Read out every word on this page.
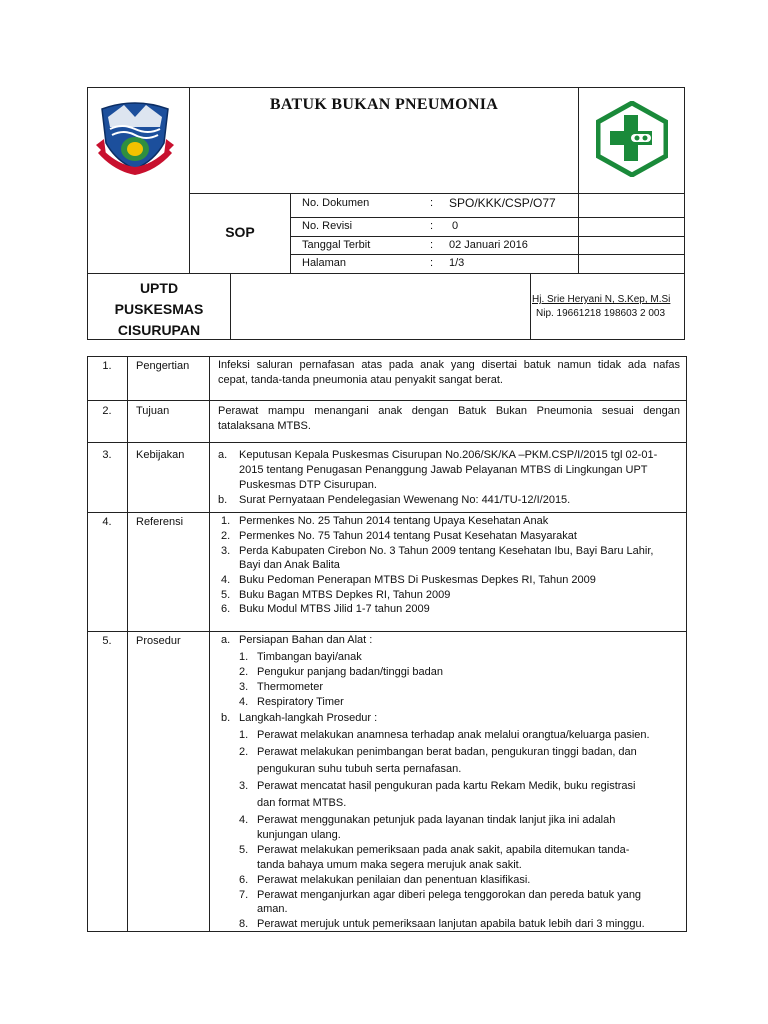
BATUK BUKAN PNEUMONIA
SOP
No. Dokumen	: SPO/KKK/CSP/O77
No. Revisi	: 0
Tanggal Terbit	: 02 Januari 2016
Halaman	: 1/3
UPTD
PUSKESMAS
CISURUPAN
Hj. Srie Heryani N, S.Kep, M.Si
Nip. 19661218 198603 2 003
1.	Pengertian	Infeksi saluran pernafasan atas pada anak yang disertai batuk namun tidak ada nafas
cepat, tanda-tanda pneumonia atau penyakit sangat berat.
2.	Tujuan	Perawat mampu menangani anak dengan Batuk Bukan Pneumonia sesuai dengan
tatalaksana MTBS.
3.	Kebijakan	a. Keputusan Kepala Puskesmas Cisurupan No.206/SK/KA –PKM.CSP/I/2015 tgl 02-01-
2015 tentang Penugasan Penanggung Jawab Pelayanan MTBS di Lingkungan UPT
Puskesmas DTP Cisurupan.
b. Surat Pernyataan Pendelegasian Wewenang No: 441/TU-12/I/2015.
4.	Referensi	1. Permenkes No. 25 Tahun 2014 tentang Upaya Kesehatan Anak
2. Permenkes No. 75 Tahun 2014 tentang Pusat Kesehatan Masyarakat
3. Perda Kabupaten Cirebon No. 3 Tahun 2009 tentang Kesehatan Ibu, Bayi Baru Lahir,
Bayi dan Anak Balita
4. Buku Pedoman Penerapan MTBS Di Puskesmas Depkes RI, Tahun 2009
5. Buku Bagan MTBS Depkes RI, Tahun 2009
6. Buku Modul MTBS Jilid 1-7 tahun 2009
5.	Prosedur	a. Persiapan Bahan dan Alat :
1. Timbangan bayi/anak
2. Pengukur panjang badan/tinggi badan
3. Thermometer
4. Respiratory Timer
b. Langkah-langkah Prosedur :
1. Perawat melakukan anamnesa terhadap anak melalui orangtua/keluarga pasien.
2. Perawat melakukan penimbangan berat badan, pengukuran tinggi badan, dan
pengukuran suhu tubuh serta pernafasan.
3. Perawat mencatat hasil pengukuran pada kartu Rekam Medik, buku registrasi
dan format MTBS.
4. Perawat menggunakan petunjuk pada layanan tindak lanjut jika ini adalah
kunjungan ulang.
5. Perawat melakukan pemeriksaan pada anak sakit, apabila ditemukan tanda-
tanda bahaya umum maka segera merujuk anak sakit.
6. Perawat melakukan penilaian dan penentuan klasifikasi.
7. Perawat menganjurkan agar diberi pelega tenggorokan dan pereda batuk yang
aman.
8. Perawat merujuk untuk pemeriksaan lanjutan apabila batuk lebih dari 3 minggu.
